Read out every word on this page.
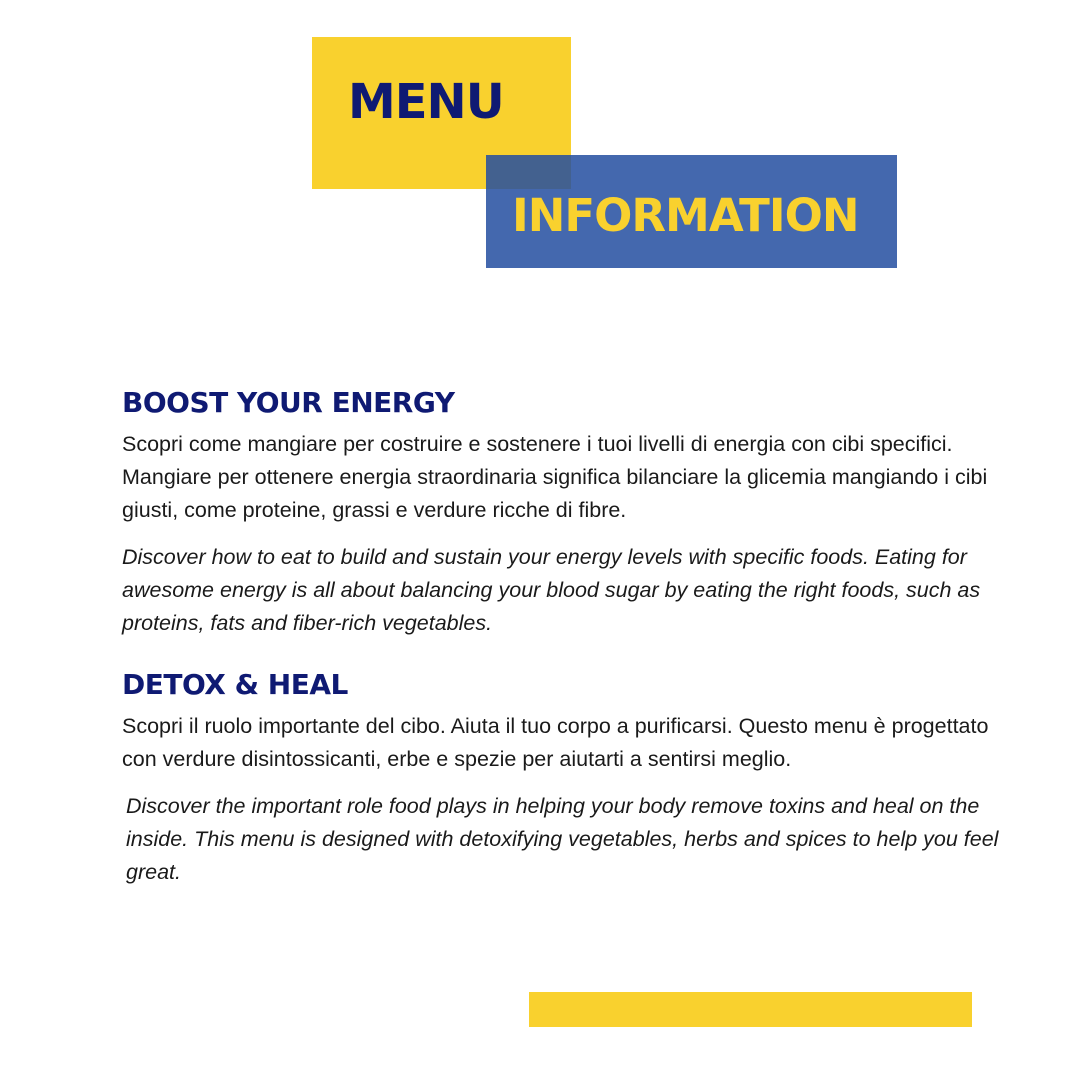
MENU
INFORMATION
BOOST YOUR ENERGY

Scopri come mangiare per costruire e sostenere i tuoi livelli di energia con cibi specifici. Mangiare per ottenere energia straordinaria significa bilanciare la glicemia mangiando i cibi giusti, come proteine, grassi e verdure ricche di fibre.

Discover how to eat to build and sustain your energy levels with specific foods. Eating for awesome energy is all about balancing your blood sugar by eating the right foods, such as proteins, fats and fiber-rich vegetables.

DETOX & HEAL

Scopri il ruolo importante del cibo. Aiuta il tuo corpo a purificarsi. Questo menu è progettato con verdure disintossicanti, erbe e spezie per aiutarti a sentirsi meglio.

Discover the important role food plays in helping your body remove toxins and heal on the inside. This menu is designed with detoxifying vegetables, herbs and spices to help you feel great.
